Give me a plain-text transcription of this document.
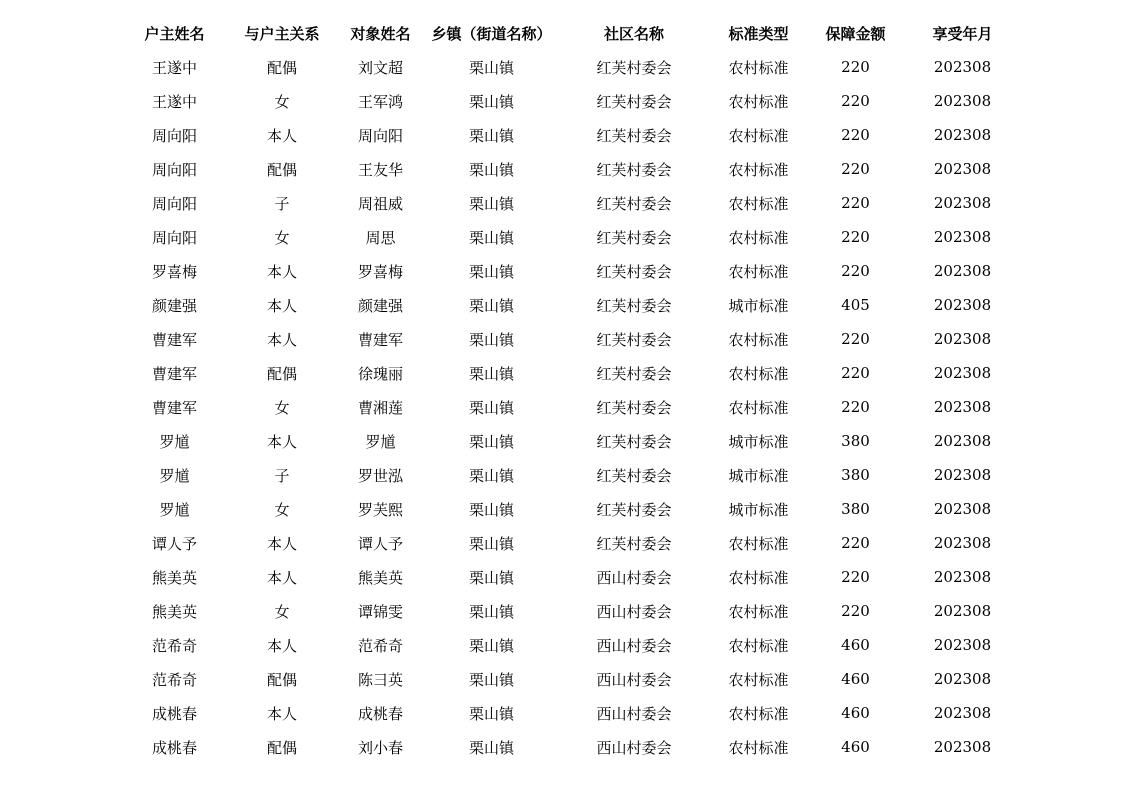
户主姓名	与户主关系	对象姓名	乡镇（街道名称）	社区名称	标准类型	保障金额	享受年月
王遂中	配偶	刘文超	栗山镇	红芙村委会	农村标准	220	202308
王遂中	女	王军鸿	栗山镇	红芙村委会	农村标准	220	202308
周向阳	本人	周向阳	栗山镇	红芙村委会	农村标准	220	202308
周向阳	配偶	王友华	栗山镇	红芙村委会	农村标准	220	202308
周向阳	子	周祖威	栗山镇	红芙村委会	农村标准	220	202308
周向阳	女	周思	栗山镇	红芙村委会	农村标准	220	202308
罗喜梅	本人	罗喜梅	栗山镇	红芙村委会	农村标准	220	202308
颜建强	本人	颜建强	栗山镇	红芙村委会	城市标准	405	202308
曹建军	本人	曹建军	栗山镇	红芙村委会	农村标准	220	202308
曹建军	配偶	徐瑰丽	栗山镇	红芙村委会	农村标准	220	202308
曹建军	女	曹湘莲	栗山镇	红芙村委会	农村标准	220	202308
罗馗	本人	罗馗	栗山镇	红芙村委会	城市标准	380	202308
罗馗	子	罗世泓	栗山镇	红芙村委会	城市标准	380	202308
罗馗	女	罗芙熙	栗山镇	红芙村委会	城市标准	380	202308
谭人予	本人	谭人予	栗山镇	红芙村委会	农村标准	220	202308
熊美英	本人	熊美英	栗山镇	西山村委会	农村标准	220	202308
熊美英	女	谭锦雯	栗山镇	西山村委会	农村标准	220	202308
范希奇	本人	范希奇	栗山镇	西山村委会	农村标准	460	202308
范希奇	配偶	陈彐英	栗山镇	西山村委会	农村标准	460	202308
成桃春	本人	成桃春	栗山镇	西山村委会	农村标准	460	202308
成桃春	配偶	刘小春	栗山镇	西山村委会	农村标准	460	202308
